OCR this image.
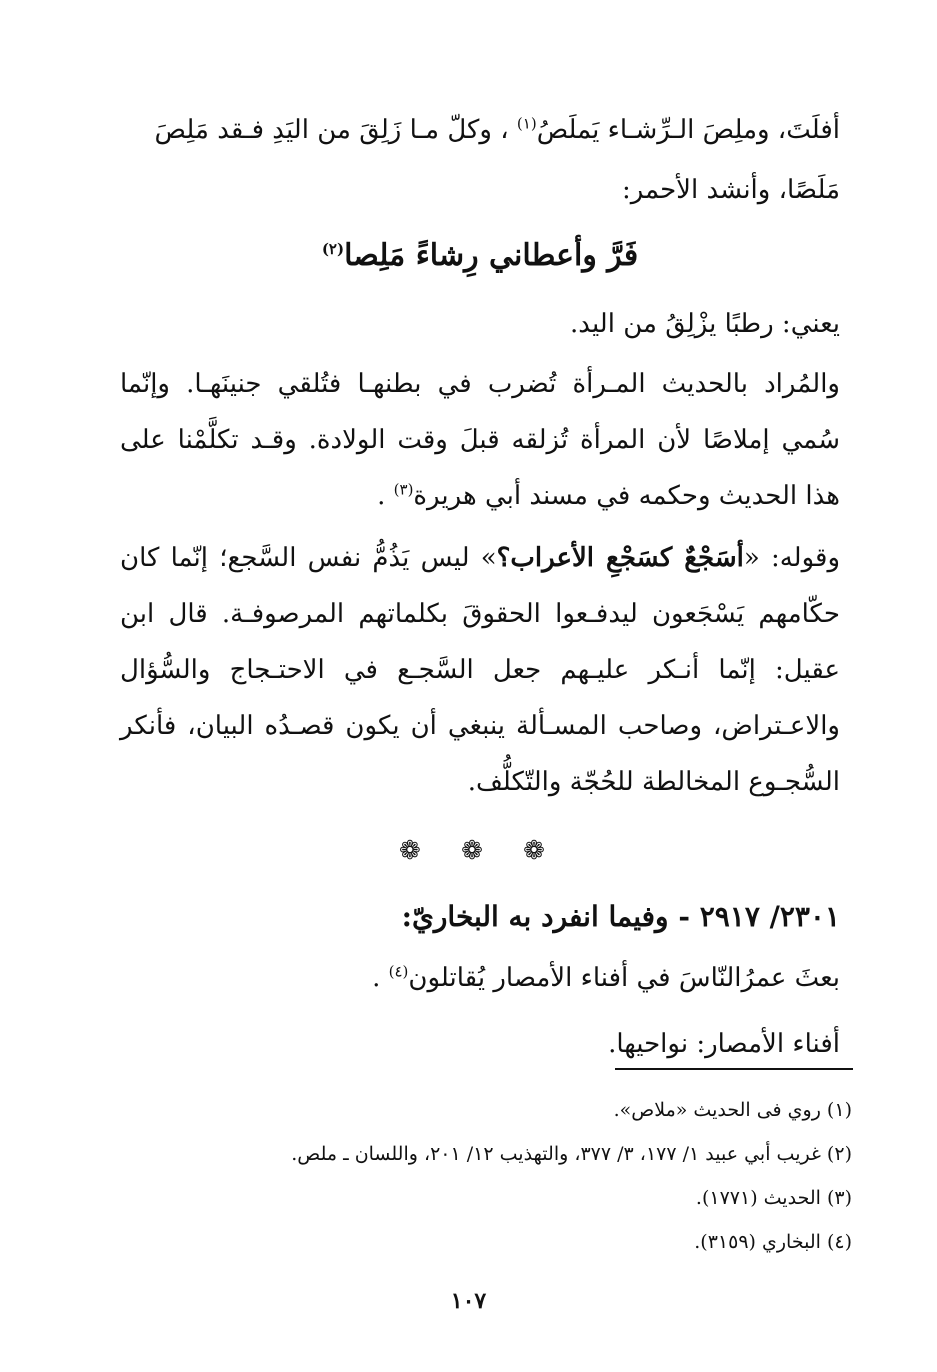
أفلَتَ، وملِصَ الـرِّشـاء يَملَصُ$^{(١)}$ ، وكلّ مـا زَلِقَ من اليَدِ فـقد مَلِصَ
مَلَصًا، وأنشد الأحمر:
فَرَّ وأعطاني رِشاءً مَلِصا$^{(٢)}$
يعني: رطبًا يزْلِقُ من اليد.

والمُراد بالحديث المـرأة تُضرب في بطنهـا فتُلقي جنينَهـا. وإنّما سُمي إملاصًا لأن المرأة تُزلقه قبلَ وقت الولادة. وقـد تكلَّمْنا على هذا الحديث وحكمه في مسند أبي هريرة$^{(٣)}$ .

وقوله: «أسَجْعٌ كسَجْعِ الأعراب؟» ليس يَذُمُّ نفس السَّجع؛ إنّما كان حكّامهم يَسْجَعون ليدفـعوا الحقوقَ بكلماتهم المرصوفـة. قال ابن عقيل: إنّما أنـكر عليـهم جعل السَّجـع في الاحتـجاج والسُّؤال والاعـتراض، وصاحب المسـألة ينبغي أن يكون قصـدُه البيان، فأنكر السُّجـوع المخالطة للحُجّة والتّكلُّف.

❁ ❁ ❁
٢٣٠١/ ٢٩١٧ - وفيما انفرد به البخاريّ:
بعثَ عمرُالنّاسَ في أفناء الأمصار يُقاتلون$^{(٤)}$ .
أفناء الأمصار: نواحيها.
(١) روي فى الحديث «ملاص».
(٢) غريب أبي عبيد ١/ ١٧٧، ٣/ ٣٧٧، والتهذيب ١٢/ ٢٠١، واللسان ـ ملص.
(٣) الحديث (١٧٧١).
(٤) البخاري (٣١٥٩).
١٠٧
